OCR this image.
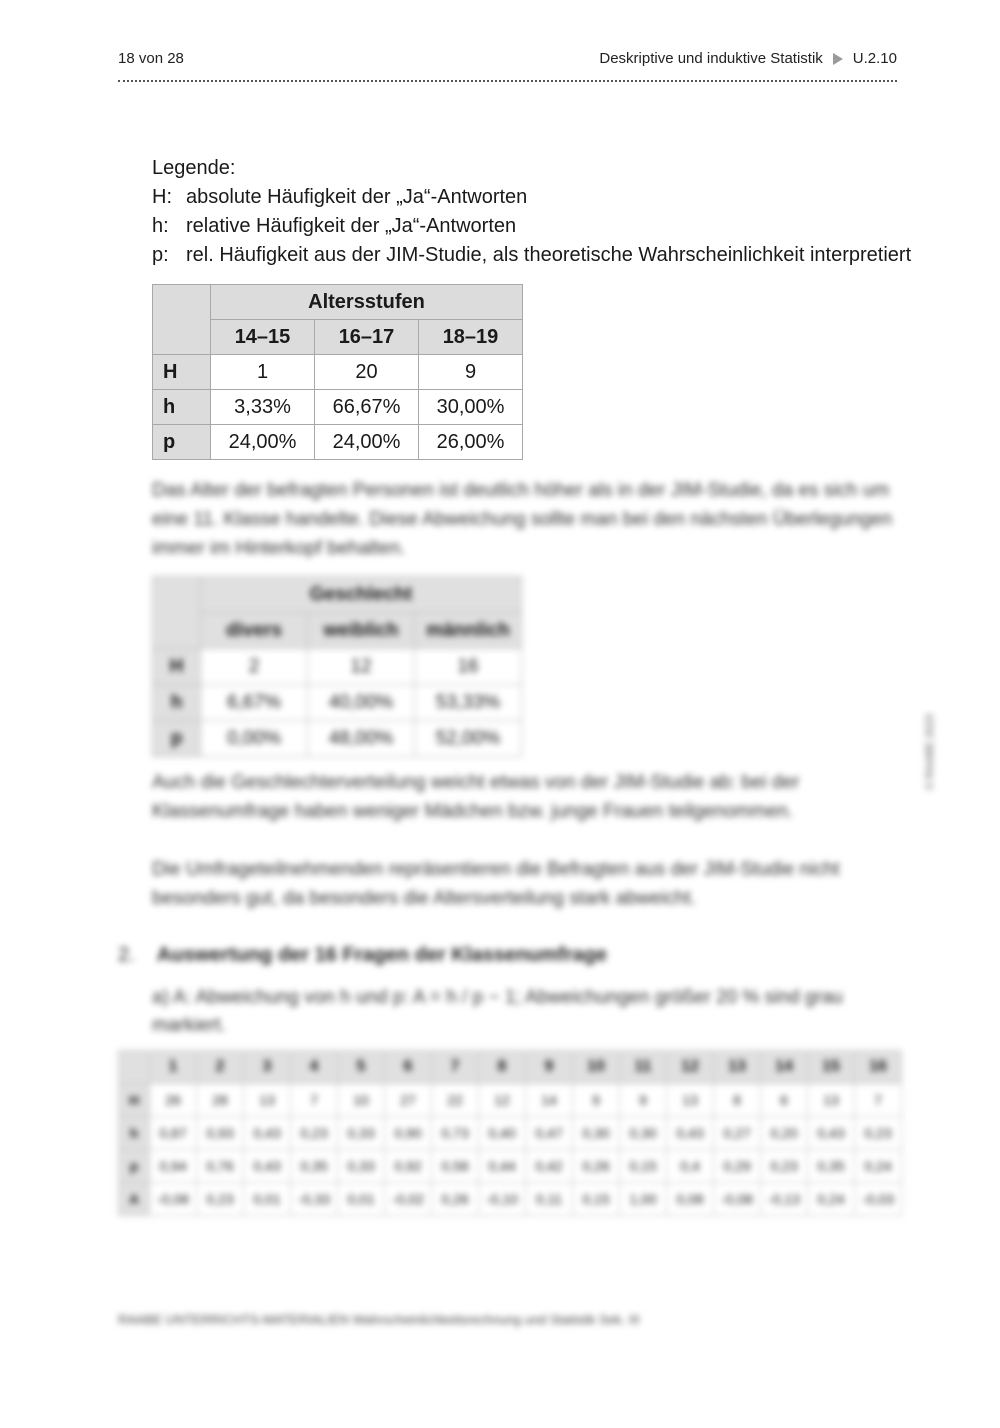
18 von 28	Deskriptive und induktive Statistik U.2.10
Legende:
H: absolute Häufigkeit der „Ja“-Antworten
h: relative Häufigkeit der „Ja“-Antworten
p: rel. Häufigkeit aus der JIM-Studie, als theoretische Wahrscheinlichkeit interpretiert
	Altersstufen		
	14–15	16–17	18–19
H	1	20	9
h	3,33%	66,67%	30,00%
p	24,00%	24,00%	26,00%
Das Alter der befragten Personen ist deutlich höher als in der JIM-Studie, da es sich um eine 11. Klasse handelte. Diese Abweichung sollte man bei den nächsten Überlegungen immer im Hinterkopf behalten.
	Geschlecht		
	divers	weiblich	männlich
H	2	12	16
h	6,67%	40,00%	53,33%
p	0,00%	48,00%	52,00%
Auch die Geschlechterverteilung weicht etwas von der JIM-Studie ab: bei der Klassenumfrage haben weniger Mädchen bzw. junge Frauen teilgenommen.
Die Umfrageteilnehmenden repräsentieren die Befragten aus der JIM-Studie nicht besonders gut, da besonders die Altersverteilung stark abweicht.
2. Auswertung der 16 Fragen der Klassenumfrage
a) A: Abweichung von h und p: A = h / p − 1; Abweichungen größer 20 % sind grau markiert.
	1	2	3	4	5	6	7	8	9	10	11	12	13	14	15	16
H	26	28	13	7	10	27	22	12	14	9	9	13	8	6	13	7
h	0,87	0,93	0,43	0,23	0,33	0,90	0,73	0,40	0,47	0,30	0,30	0,43	0,27	0,20	0,43	0,23
p	0,94	0,76	0,43	0,35	0,33	0,92	0,58	0,44	0,42	0,26	0,15	0,4	0,29	0,23	0,35	0,24
A	-0,08	0,23	0,01	-0,33	0,01	-0,02	0,26	-0,10	0,11	0,15	1,00	0,08	-0,08	-0,13	0,24	-0,03
RAABE UNTERRICHTS-MATERIALIEN Wahrscheinlichkeitsrechnung und Statistik Sek. III
© RAABE 2023
